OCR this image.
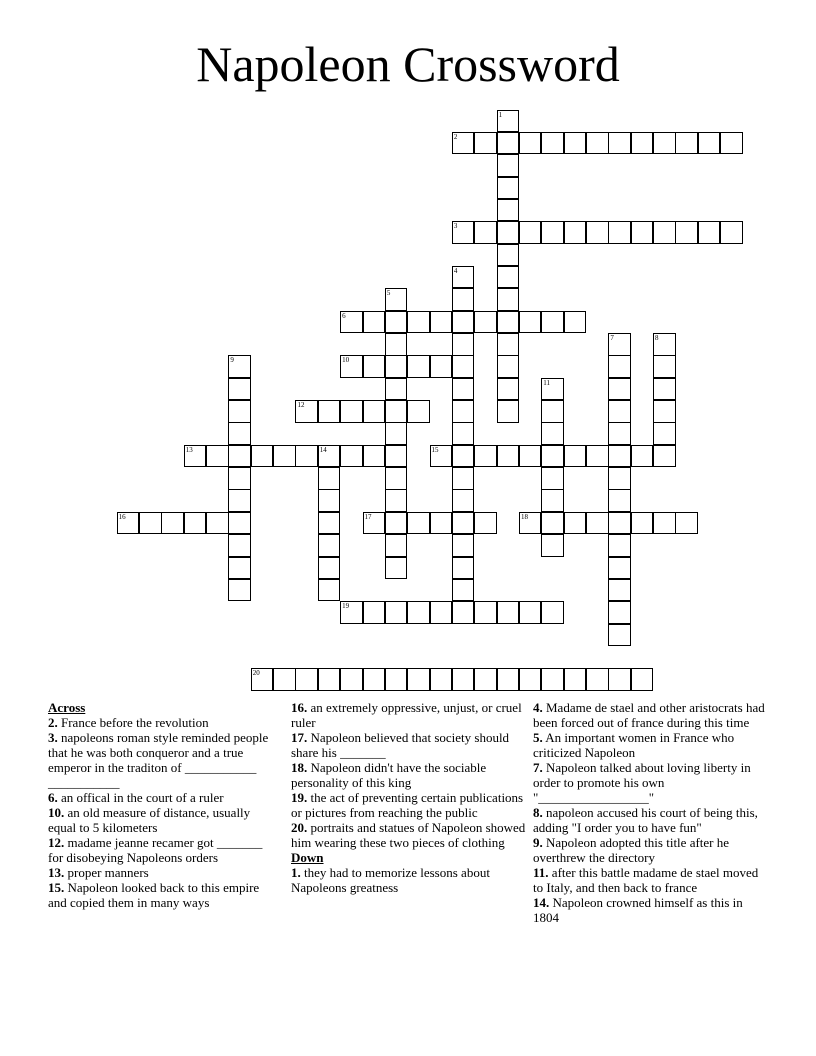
Napoleon Crossword
1
2
3
4
5
6
7	8
9	10
11
12
13	14	15
16	17	18
19
20
Across
2. France before the revolution
3. napoleons roman style reminded people that he was both conqueror and a true emperor in the traditon of ___________ ___________
6. an offical in the court of a ruler
10. an old measure of distance, usually equal to 5 kilometers
12. madame jeanne recamer got _______ for disobeying Napoleons orders
13. proper manners
15. Napoleon looked back to this empire and copied them in many ways
16. an extremely oppressive, unjust, or cruel ruler
17. Napoleon believed that society should share his _______
18. Napoleon didn't have the sociable personality of this king
19. the act of preventing certain publications or pictures from reaching the public
20. portraits and statues of Napoleon showed him wearing these two pieces of clothing
Down
1. they had to memorize lessons about Napoleons greatness
4. Madame de stael and other aristocrats had been forced out of france during this time
5. An important women in France who criticized Napoleon
7. Napoleon talked about loving liberty in order to promote his own "_________________"
8. napoleon accused his court of being this, adding "I order you to have fun"
9. Napoleon adopted this title after he overthrew the directory
11. after this battle madame de stael moved to Italy, and then back to france
14. Napoleon crowned himself as this in 1804
